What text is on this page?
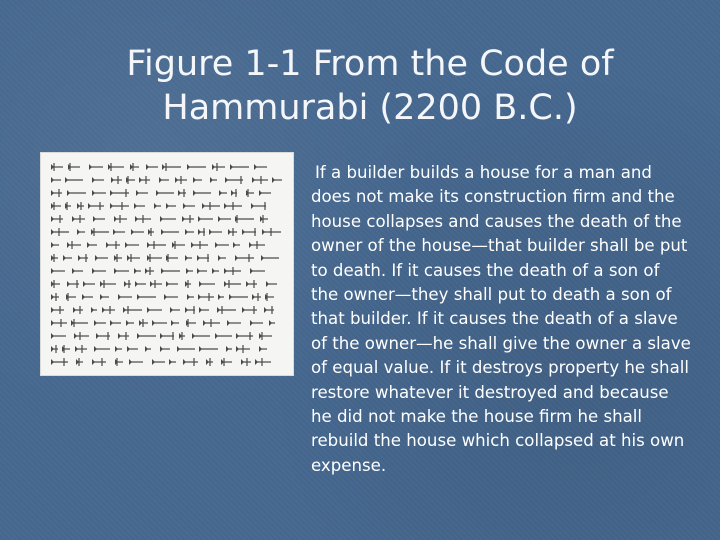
Figure 1-1 From the Code of Hammurabi (2200 B.C.)
If a builder builds a house for a man and does not make its construction firm and the house collapses and causes the death of the owner of the house—that builder shall be put to death. If it causes the death of a son of the owner—they shall put to death a son of that builder. If it causes the death of a slave of the owner—he shall give the owner a slave of equal value. If it destroys property he shall restore whatever it destroyed and because he did not make the house firm he shall rebuild the house which collapsed at his own expense.
